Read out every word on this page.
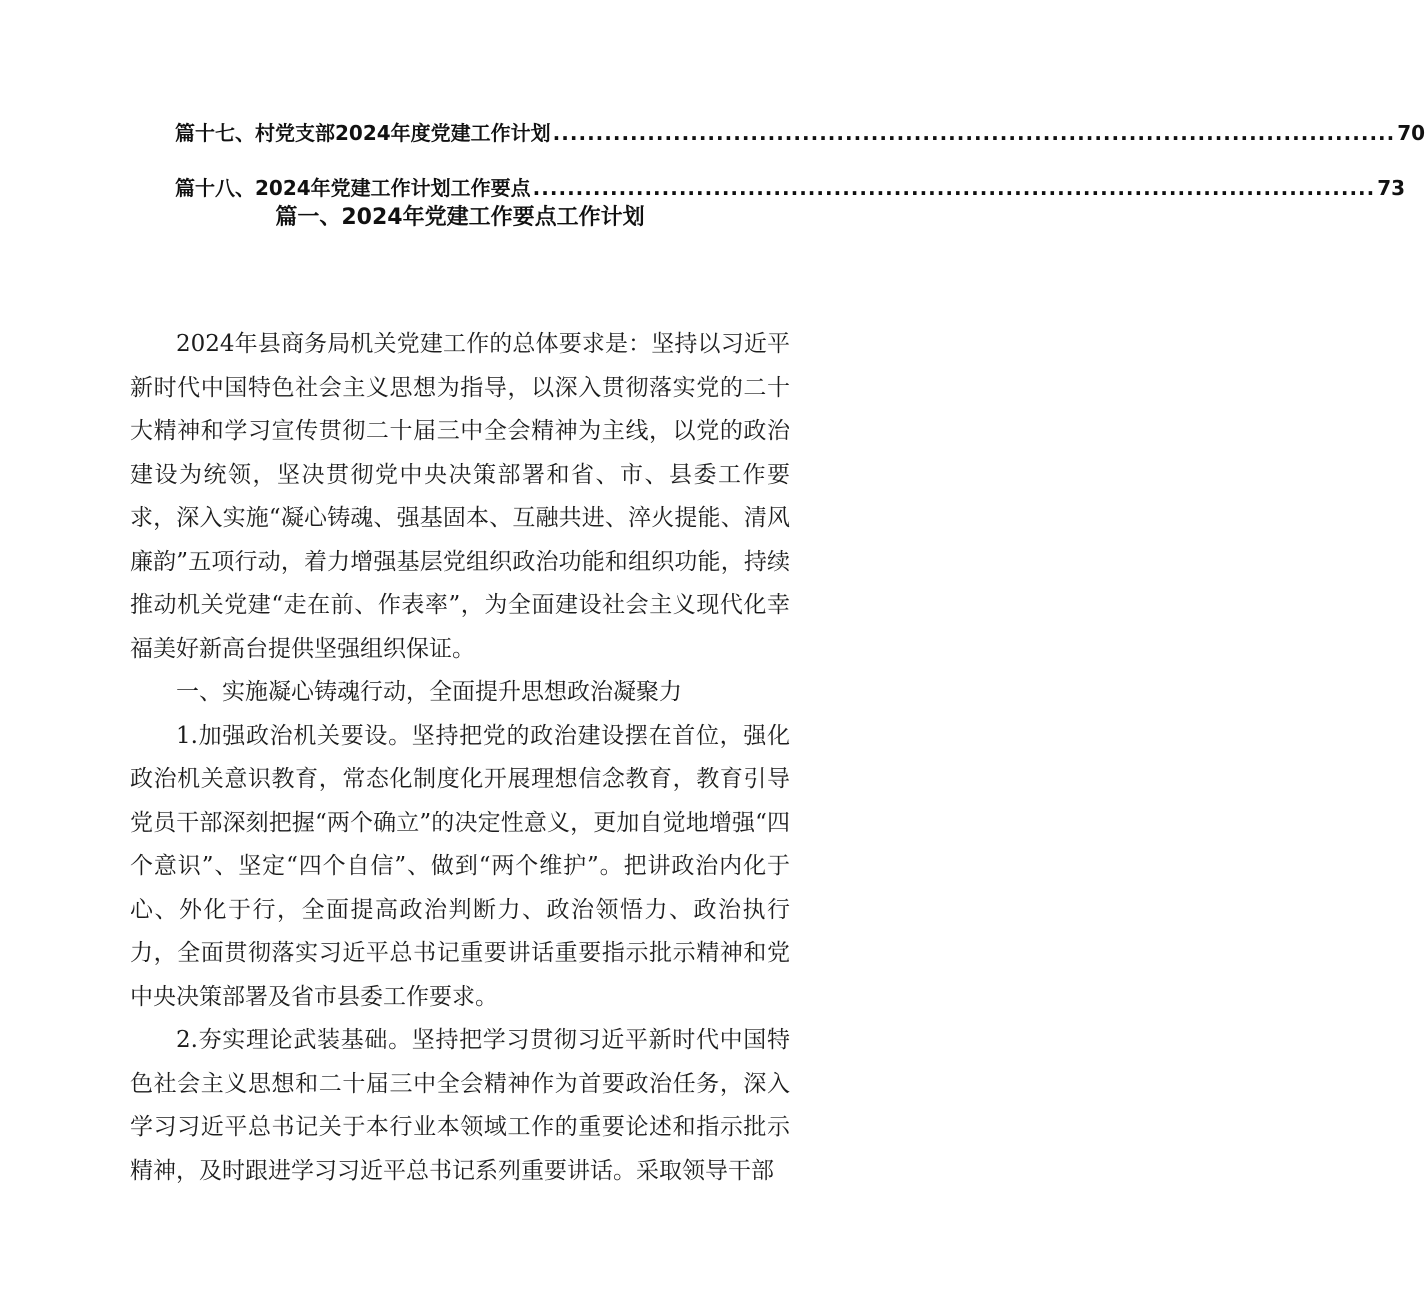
篇十七、村党支部2024年度党建工作计划 .................................................................................................. 70
篇十八、2024年党建工作计划工作要点 .................................................................................................. 73
篇一、2024年党建工作要点工作计划

2024年县商务局机关党建工作的总体要求是：坚持以习近平新时代中国特色社会主义思想为指导，以深入贯彻落实党的二十大精神和学习宣传贯彻二十届三中全会精神为主线，以党的政治建设为统领，坚决贯彻党中央决策部署和省、市、县委工作要求，深入实施“凝心铸魂、强基固本、互融共进、淬火提能、清风廉韵”五项行动，着力增强基层党组织政治功能和组织功能，持续推动机关党建“走在前、作表率”，为全面建设社会主义现代化幸福美好新高台提供坚强组织保证。

一、实施凝心铸魂行动，全面提升思想政治凝聚力

1.加强政治机关要设。坚持把党的政治建设摆在首位，强化政治机关意识教育，常态化制度化开展理想信念教育，教育引导党员干部深刻把握“两个确立”的决定性意义，更加自觉地增强“四个意识”、坚定“四个自信”、做到“两个维护”。把讲政治内化于心、外化于行，全面提高政治判断力、政治领悟力、政治执行力，全面贯彻落实习近平总书记重要讲话重要指示批示精神和党中央决策部署及省市县委工作要求。

2.夯实理论武装基础。坚持把学习贯彻习近平新时代中国特色社会主义思想和二十届三中全会精神作为首要政治任务，深入学习习近平总书记关于本行业本领域工作的重要论述和指示批示精神，及时跟进学习习近平总书记系列重要讲话。采取领导干部
